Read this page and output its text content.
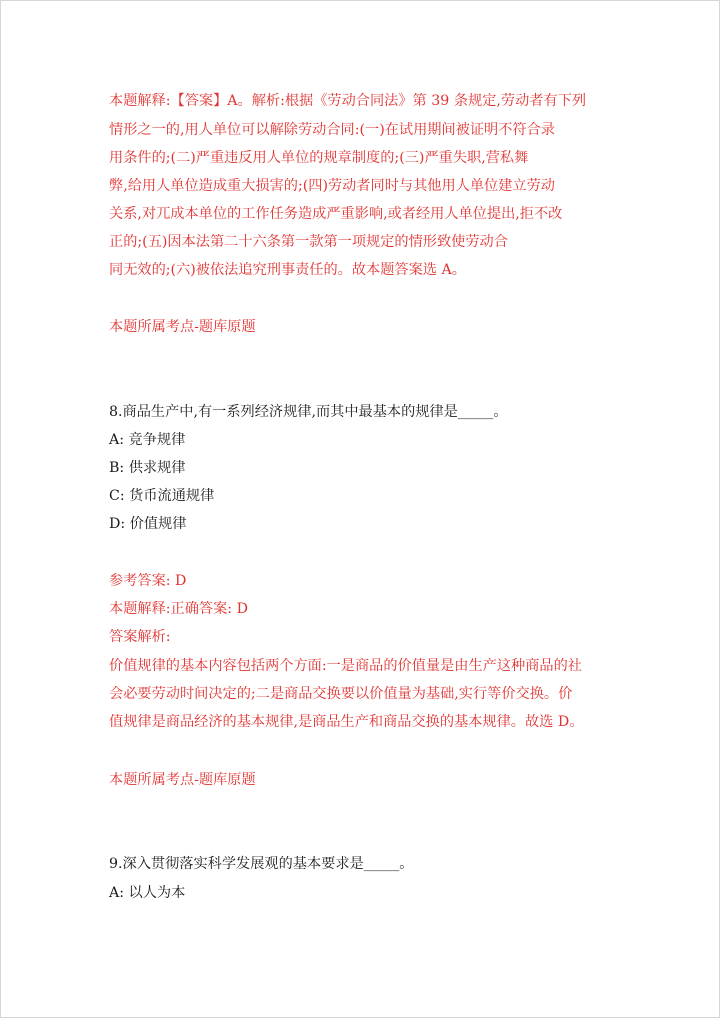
本题解释:【答案】A。解析:根据《劳动合同法》第 39 条规定,劳动者有下列
情形之一的,用人单位可以解除劳动合同:(一)在试用期间被证明不符合录
用条件的;(二)严重违反用人单位的规章制度的;(三)严重失职,营私舞
弊,给用人单位造成重大损害的;(四)劳动者同时与其他用人单位建立劳动
关系,对兀成本单位的工作任务造成严重影响,或者经用人单位提出,拒不改
正的;(五)因本法第二十六条第一款第一项规定的情形致使劳动合
同无效的;(六)被依法追究刑事责任的。故本题答案选 A。
本题所属考点-题库原题
8.商品生产中,有一系列经济规律,而其中最基本的规律是_____。
A: 竞争规律
B: 供求规律
C: 货币流通规律
D: 价值规律
参考答案: D
本题解释:正确答案: D
答案解析:
价值规律的基本内容包括两个方面:一是商品的价值量是由生产这种商品的社
会必要劳动时间决定的;二是商品交换要以价值量为基础,实行等价交换。价
值规律是商品经济的基本规律,是商品生产和商品交换的基本规律。故选 D。
本题所属考点-题库原题
9.深入贯彻落实科学发展观的基本要求是_____。
A: 以人为本
